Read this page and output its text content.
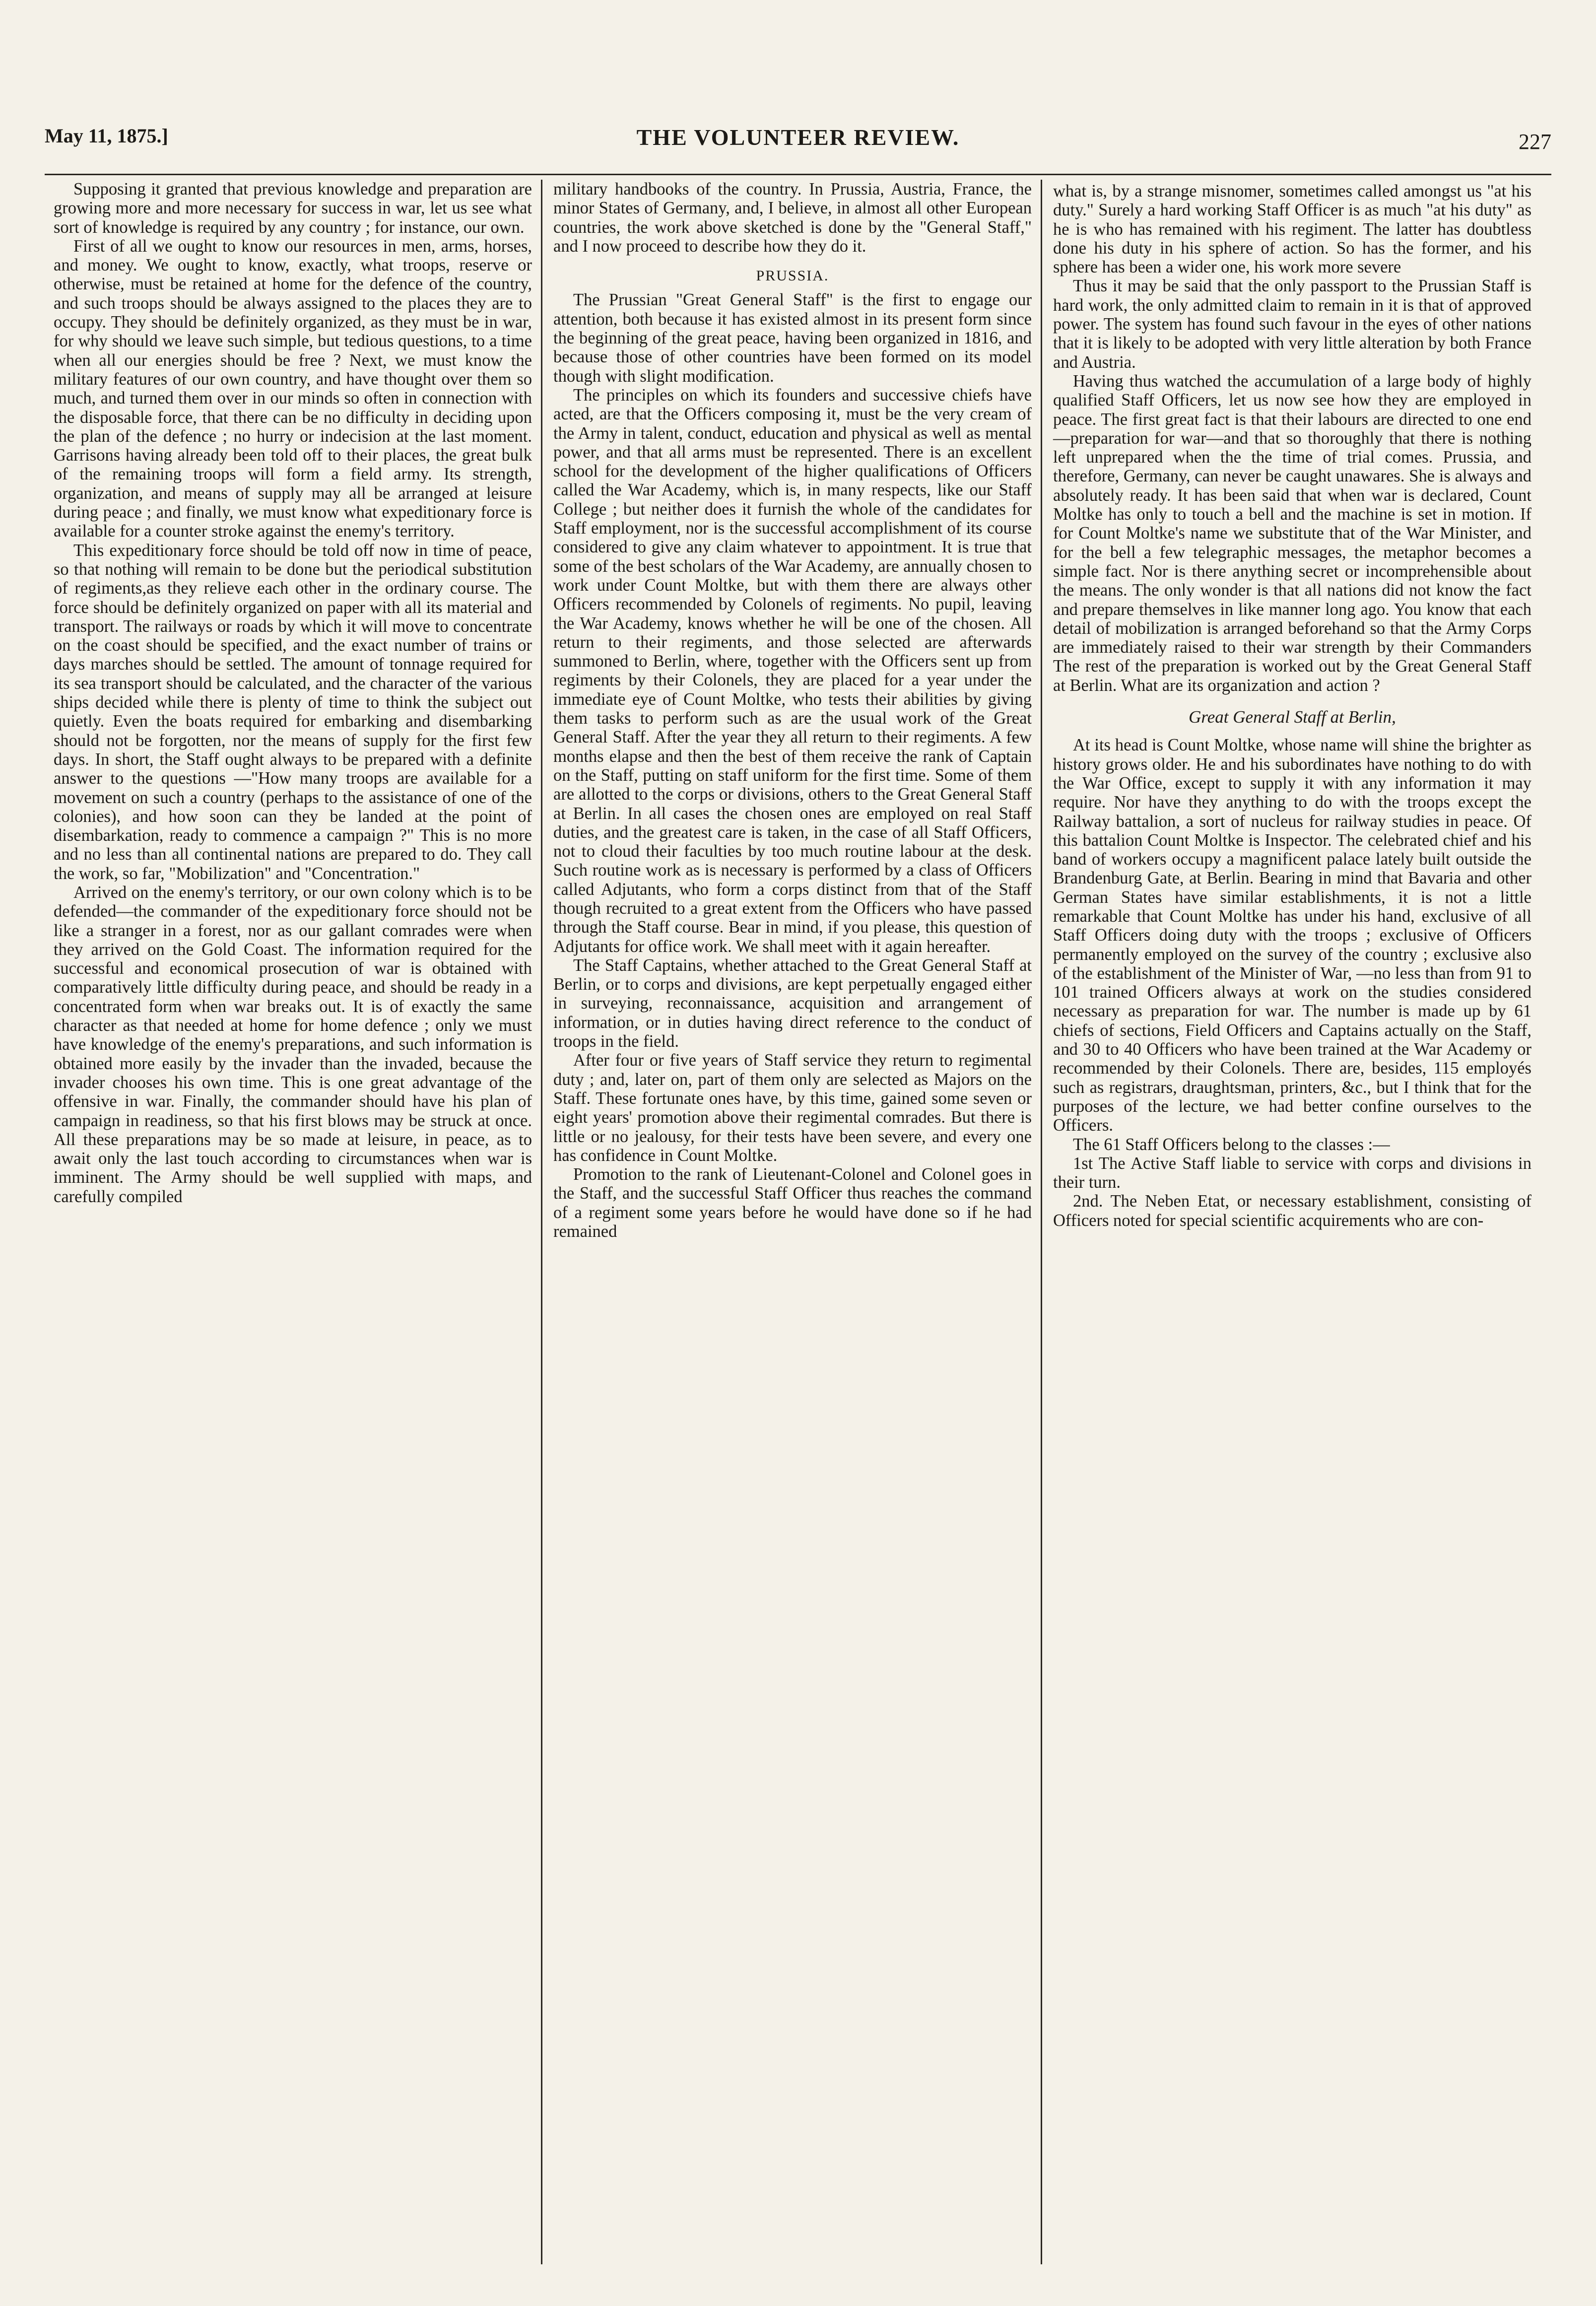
May 11, 1875.]	THE VOLUNTEER REVIEW.	227

Supposing it granted that previous knowledge and preparation are growing more and more necessary for success in war, let us see what sort of knowledge is required by any country ; for instance, our own.

First of all we ought to know our resources in men, arms, horses, and money. We ought to know, exactly, what troops, reserve or otherwise, must be retained at home for the defence of the country, and such troops should be always assigned to the places they are to occupy. They should be definitely organized, as they must be in war, for why should we leave such simple, but tedious questions, to a time when all our energies should be free ? Next, we must know the military features of our own country, and have thought over them so much, and turned them over in our minds so often in connection with the disposable force, that there can be no difficulty in deciding upon the plan of the defence ; no hurry or indecision at the last moment. Garrisons having already been told off to their places, the great bulk of the remaining troops will form a field army. Its strength, organization, and means of supply may all be arranged at leisure during peace ; and finally, we must know what expeditionary force is available for a counter stroke against the enemy's territory.

This expeditionary force should be told off now in time of peace, so that nothing will remain to be done but the periodical substitution of regiments,as they relieve each other in the ordinary course. The force should be definitely organized on paper with all its material and transport. The railways or roads by which it will move to concentrate on the coast should be specified, and the exact number of trains or days marches should be settled. The amount of tonnage required for its sea transport should be calculated, and the character of the various ships decided while there is plenty of time to think the subject out quietly. Even the boats required for embarking and disembarking should not be forgotten, nor the means of supply for the first few days. In short, the Staff ought always to be prepared with a definite answer to the questions —"How many troops are available for a movement on such a country (perhaps to the assistance of one of the colonies), and how soon can they be landed at the point of disembarkation, ready to commence a campaign ?" This is no more and no less than all continental nations are prepared to do. They call the work, so far, "Mobilization" and "Concentration."

Arrived on the enemy's territory, or our own colony which is to be defended—the commander of the expeditionary force should not be like a stranger in a forest, nor as our gallant comrades were when they arrived on the Gold Coast. The information required for the successful and economical prosecution of war is obtained with comparatively little difficulty during peace, and should be ready in a concentrated form when war breaks out. It is of exactly the same character as that needed at home for home defence ; only we must have knowledge of the enemy's preparations, and such information is obtained more easily by the invader than the invaded, because the invader chooses his own time. This is one great advantage of the offensive in war. Finally, the commander should have his plan of campaign in readiness, so that his first blows may be struck at once. All these preparations may be so made at leisure, in peace, as to await only the last touch according to circumstances when war is imminent. The Army should be well supplied with maps, and carefully compiled

military handbooks of the country. In Prussia, Austria, France, the minor States of Germany, and, I believe, in almost all other European countries, the work above sketched is done by the "General Staff," and I now proceed to describe how they do it.

PRUSSIA.

The Prussian "Great General Staff" is the first to engage our attention, both because it has existed almost in its present form since the beginning of the great peace, having been organized in 1816, and because those of other countries have been formed on its model though with slight modification.

The principles on which its founders and successive chiefs have acted, are that the Officers composing it, must be the very cream of the Army in talent, conduct, education and physical as well as mental power, and that all arms must be represented. There is an excellent school for the development of the higher qualifications of Officers called the War Academy, which is, in many respects, like our Staff College ; but neither does it furnish the whole of the candidates for Staff employment, nor is the successful accomplishment of its course considered to give any claim whatever to appointment. It is true that some of the best scholars of the War Academy, are annually chosen to work under Count Moltke, but with them there are always other Officers recommended by Colonels of regiments. No pupil, leaving the War Academy, knows whether he will be one of the chosen. All return to their regiments, and those selected are afterwards summoned to Berlin, where, together with the Officers sent up from regiments by their Colonels, they are placed for a year under the immediate eye of Count Moltke, who tests their abilities by giving them tasks to perform such as are the usual work of the Great General Staff. After the year they all return to their regiments. A few months elapse and then the best of them receive the rank of Captain on the Staff, putting on staff uniform for the first time. Some of them are allotted to the corps or divisions, others to the Great General Staff at Berlin. In all cases the chosen ones are employed on real Staff duties, and the greatest care is taken, in the case of all Staff Officers, not to cloud their faculties by too much routine labour at the desk. Such routine work as is necessary is performed by a class of Officers called Adjutants, who form a corps distinct from that of the Staff though recruited to a great extent from the Officers who have passed through the Staff course. Bear in mind, if you please, this question of Adjutants for office work. We shall meet with it again hereafter.

The Staff Captains, whether attached to the Great General Staff at Berlin, or to corps and divisions, are kept perpetually engaged either in surveying, reconnaissance, acquisition and arrangement of information, or in duties having direct reference to the conduct of troops in the field.

After four or five years of Staff service they return to regimental duty ; and, later on, part of them only are selected as Majors on the Staff. These fortunate ones have, by this time, gained some seven or eight years' promotion above their regimental comrades. But there is little or no jealousy, for their tests have been severe, and every one has confidence in Count Moltke.

Promotion to the rank of Lieutenant-Colonel and Colonel goes in the Staff, and the successful Staff Officer thus reaches the command of a regiment some years before he would have done so if he had remained

what is, by a strange misnomer, sometimes called amongst us "at his duty." Surely a hard working Staff Officer is as much "at his duty" as he is who has remained with his regiment. The latter has doubtless done his duty in his sphere of action. So has the former, and his sphere has been a wider one, his work more severe

Thus it may be said that the only passport to the Prussian Staff is hard work, the only admitted claim to remain in it is that of approved power. The system has found such favour in the eyes of other nations that it is likely to be adopted with very little alteration by both France and Austria.

Having thus watched the accumulation of a large body of highly qualified Staff Officers, let us now see how they are employed in peace. The first great fact is that their labours are directed to one end—preparation for war—and that so thoroughly that there is nothing left unprepared when the the time of trial comes. Prussia, and therefore, Germany, can never be caught unawares. She is always and absolutely ready. It has been said that when war is declared, Count Moltke has only to touch a bell and the machine is set in motion. If for Count Moltke's name we substitute that of the War Minister, and for the bell a few telegraphic messages, the metaphor becomes a simple fact. Nor is there anything secret or incomprehensible about the means. The only wonder is that all nations did not know the fact and prepare themselves in like manner long ago. You know that each detail of mobilization is arranged beforehand so that the Army Corps are immediately raised to their war strength by their Commanders The rest of the preparation is worked out by the Great General Staff at Berlin. What are its organization and action ?

Great General Staff at Berlin,

At its head is Count Moltke, whose name will shine the brighter as history grows older. He and his subordinates have nothing to do with the War Office, except to supply it with any information it may require. Nor have they anything to do with the troops except the Railway battalion, a sort of nucleus for railway studies in peace. Of this battalion Count Moltke is Inspector. The celebrated chief and his band of workers occupy a magnificent palace lately built outside the Brandenburg Gate, at Berlin. Bearing in mind that Bavaria and other German States have similar establishments, it is not a little remarkable that Count Moltke has under his hand, exclusive of all Staff Officers doing duty with the troops ; exclusive of Officers permanently employed on the survey of the country ; exclusive also of the establishment of the Minister of War, —no less than from 91 to 101 trained Officers always at work on the studies considered necessary as preparation for war. The number is made up by 61 chiefs of sections, Field Officers and Captains actually on the Staff, and 30 to 40 Officers who have been trained at the War Academy or recommended by their Colonels. There are, besides, 115 employés such as registrars, draughtsman, printers, &c., but I think that for the purposes of the lecture, we had better confine ourselves to the Officers.

The 61 Staff Officers belong to the classes :—

1st The Active Staff liable to service with corps and divisions in their turn.

2nd. The Neben Etat, or necessary establishment, consisting of Officers noted for special scientific acquirements who are con-
